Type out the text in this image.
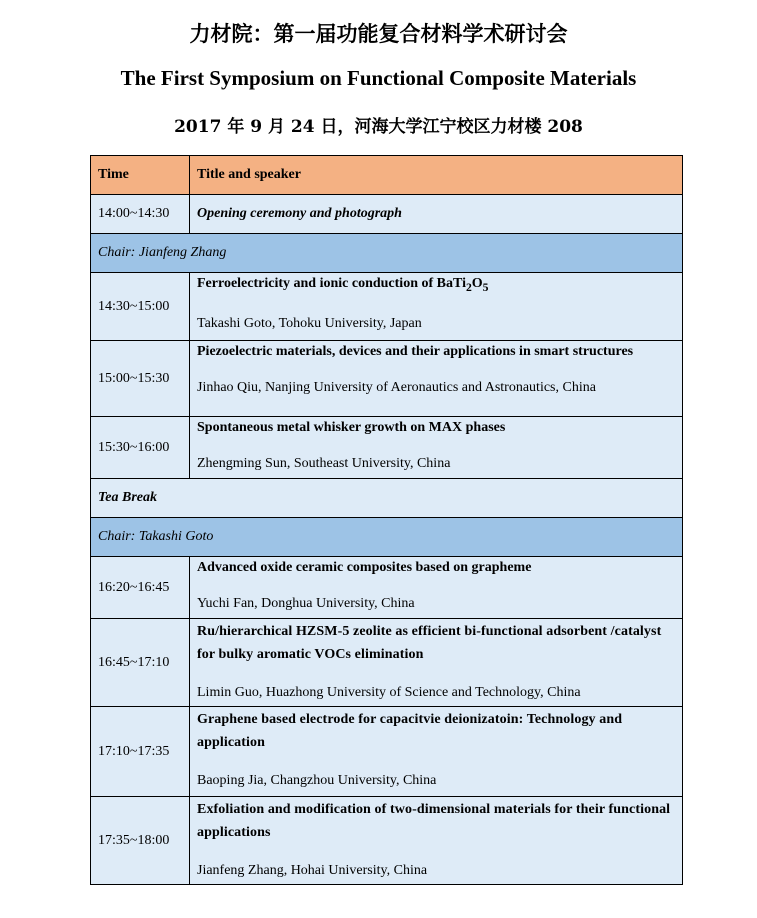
力材院：第一届功能复合材料学术研讨会
The First Symposium on Functional Composite Materials
2017 年 9 月 24 日，河海大学江宁校区力材楼 208
Time	Title and speaker
14:00~14:30	Opening ceremony and photograph
Chair: Jianfeng Zhang	
14:30~15:00	Ferroelectricity and ionic conduction of $BaTi_2O_5$
Takashi Goto, Tohoku University, Japan

15:00~15:30	Piezoelectric materials, devices and their applications in smart structures
Jinhao Qiu, Nanjing University of Aeronautics and Astronautics, China

15:30~16:00	Spontaneous metal whisker growth on MAX phases
Zhengming Sun, Southeast University, China

Tea Break	
Chair: Takashi Goto	
16:20~16:45	Advanced oxide ceramic composites based on grapheme
Yuchi Fan, Donghua University, China

16:45~17:10	Ru/hierarchical HZSM-5 zeolite as efficient bi-functional adsorbent /catalyst for bulky aromatic VOCs elimination
Limin Guo, Huazhong University of Science and Technology, China

17:10~17:35	Graphene based electrode for capacitvie deionizatoin: Technology and application
Baoping Jia, Changzhou University, China

17:35~18:00	Exfoliation and modification of two-dimensional materials for their functional applications
Jianfeng Zhang, Hohai University, China
